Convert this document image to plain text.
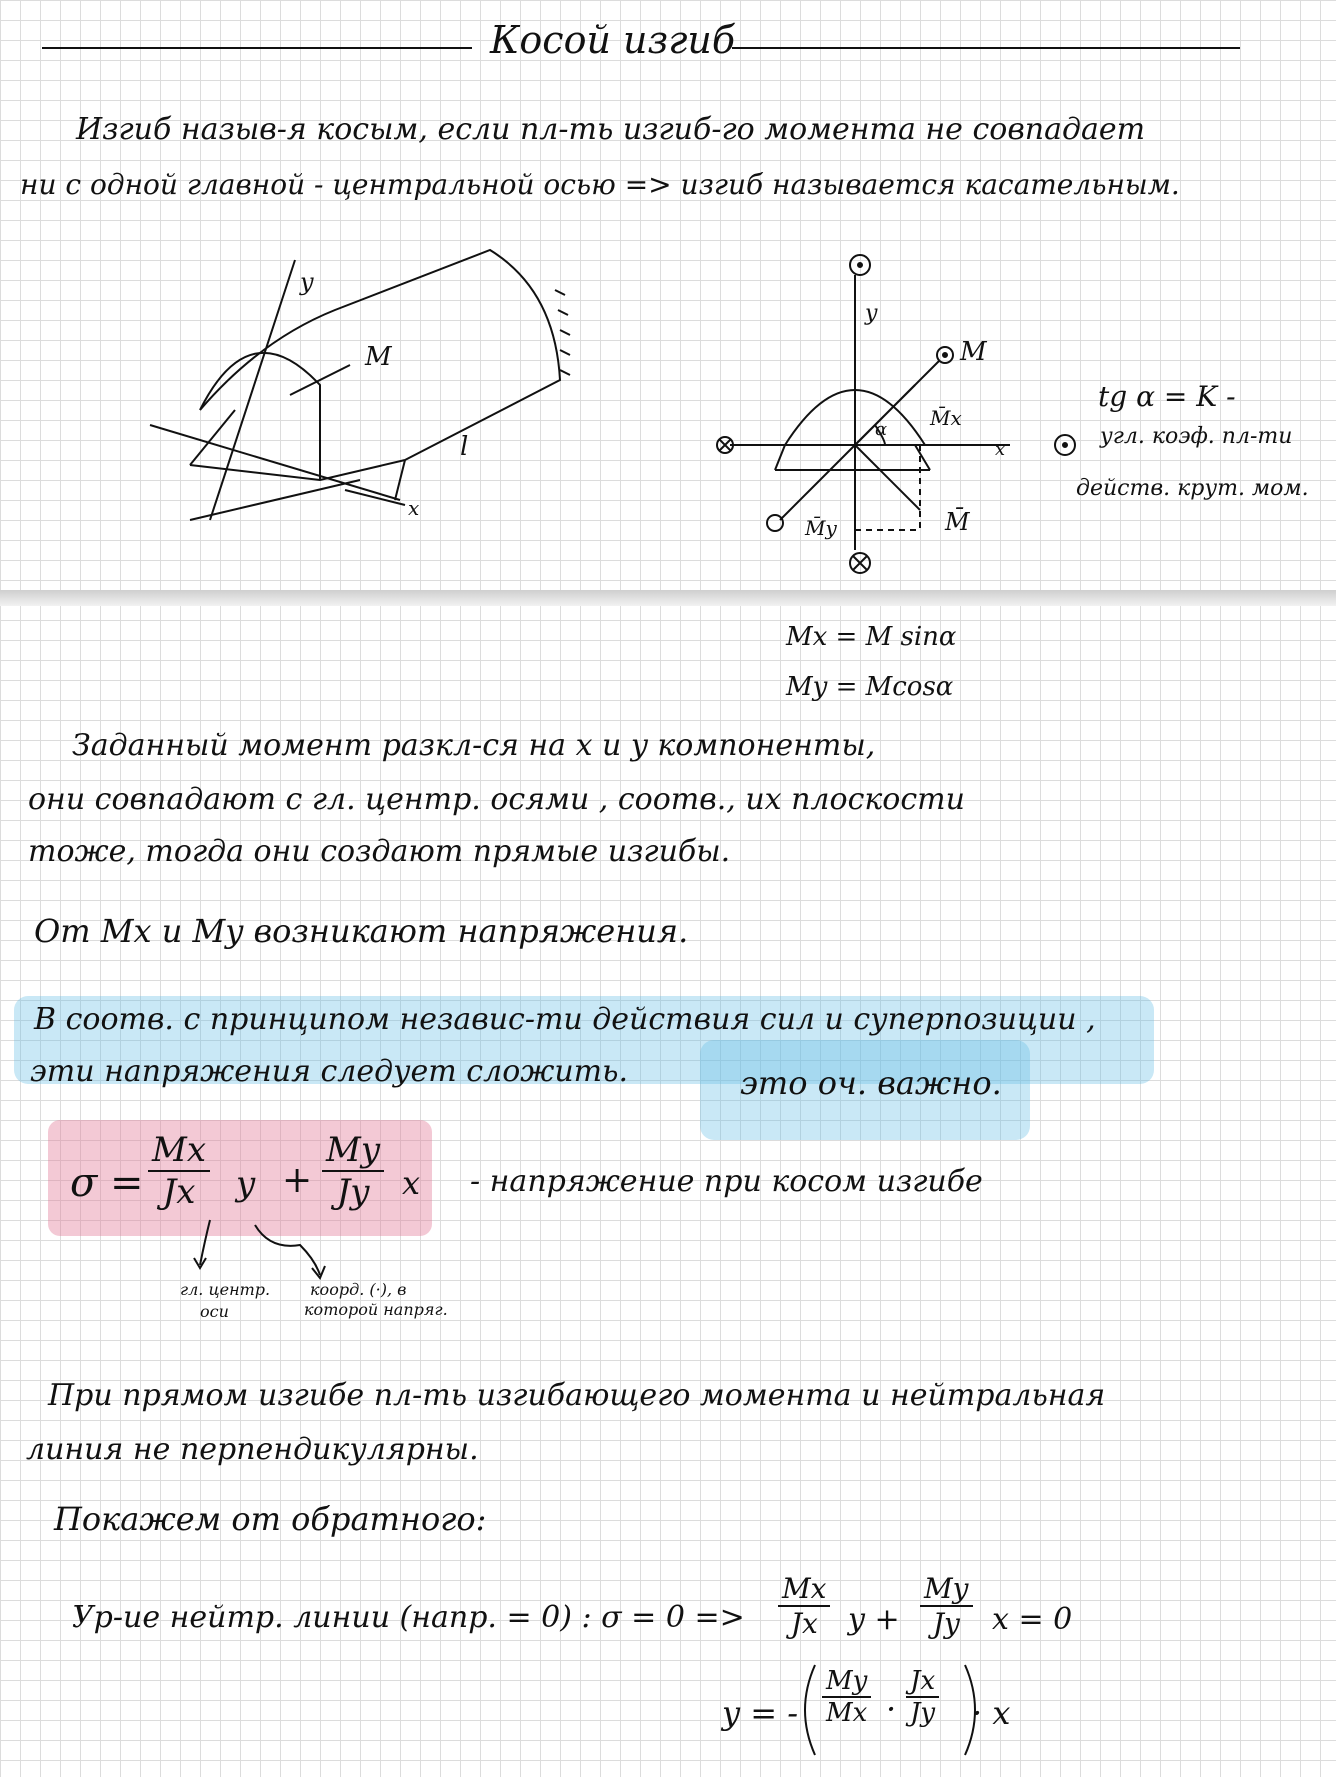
Косой изгиб
Изгиб назыв-я косым, если пл-ть изгиб-го момента не совпадает
ни с одной главной - центральной осью => изгиб называется касательным.
y
M
l
x
y
M
M̄x
α
x
M̄y	M̄
tg α = K -
угл. коэф. пл-ти
действ. крут. мом.
Mx = M sinα
My = Mcosα
Заданный момент разкл-ся на x и y компоненты,
они совпадают с гл. центр. осями , соотв., их плоскости
тоже, тогда они создают прямые изгибы.
От Mx и My возникают напряжения.
В соотв. с принципом независ-ти действия сил и суперпозиции ,
эти напряжения следует сложить.	это оч. важно.
$\sigma = \frac{Mx}{Jx}$ $y + \frac{My}{Jy}$ x - напряжение при косом изгибе
гл. центр.
оси
коорд. (·), в
которой напряг.
При прямом изгибе пл-ть изгибающего момента и нейтральная
линия не перпендикулярны.
Покажем от обратного:
Ур-ие нейтр. линии (напр. = 0) : $\sigma = 0 => \frac{Mx}{Jx}$ $y + \frac{My}{Jy}$ x = 0
y = - $\frac{My}{Mx} \cdot \frac{Jx}{Jy} \cdot x$
